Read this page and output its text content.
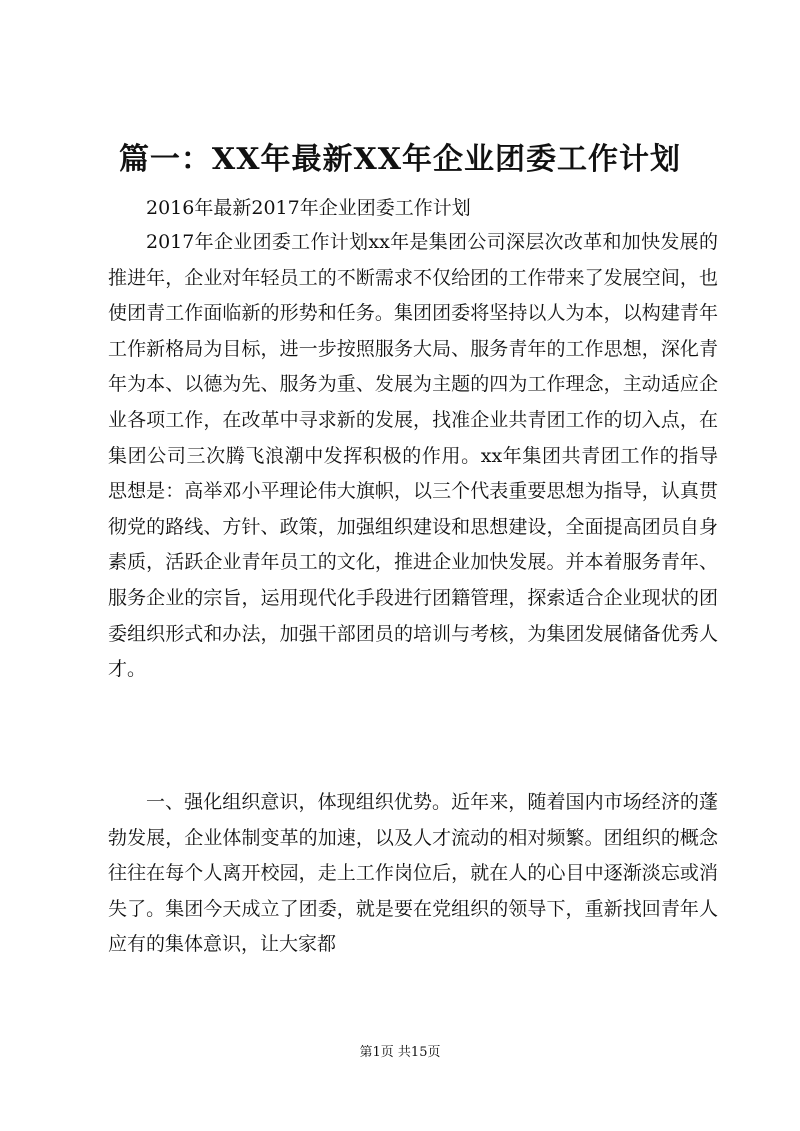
篇一：XX年最新XX年企业团委工作计划
2016年最新2017年企业团委工作计划

2017年企业团委工作计划xx年是集团公司深层次改革和加快发展的推进年，企业对年轻员工的不断需求不仅给团的工作带来了发展空间，也使团青工作面临新的形势和任务。集团团委将坚持以人为本，以构建青年工作新格局为目标，进一步按照服务大局、服务青年的工作思想，深化青年为本、以德为先、服务为重、发展为主题的四为工作理念，主动适应企业各项工作，在改革中寻求新的发展，找准企业共青团工作的切入点，在集团公司三次腾飞浪潮中发挥积极的作用。xx年集团共青团工作的指导思想是：高举邓小平理论伟大旗帜，以三个代表重要思想为指导，认真贯彻党的路线、方针、政策，加强组织建设和思想建设，全面提高团员自身素质，活跃企业青年员工的文化，推进企业加快发展。并本着服务青年、服务企业的宗旨，运用现代化手段进行团籍管理，探索适合企业现状的团委组织形式和办法，加强干部团员的培训与考核，为集团发展储备优秀人才。

一、强化组织意识，体现组织优势。近年来，随着国内市场经济的蓬勃发展，企业体制变革的加速，以及人才流动的相对频繁。团组织的概念往往在每个人离开校园，走上工作岗位后，就在人的心目中逐渐淡忘或消失了。集团今天成立了团委，就是要在党组织的领导下，重新找回青年人应有的集体意识，让大家都

第1页 共15页
